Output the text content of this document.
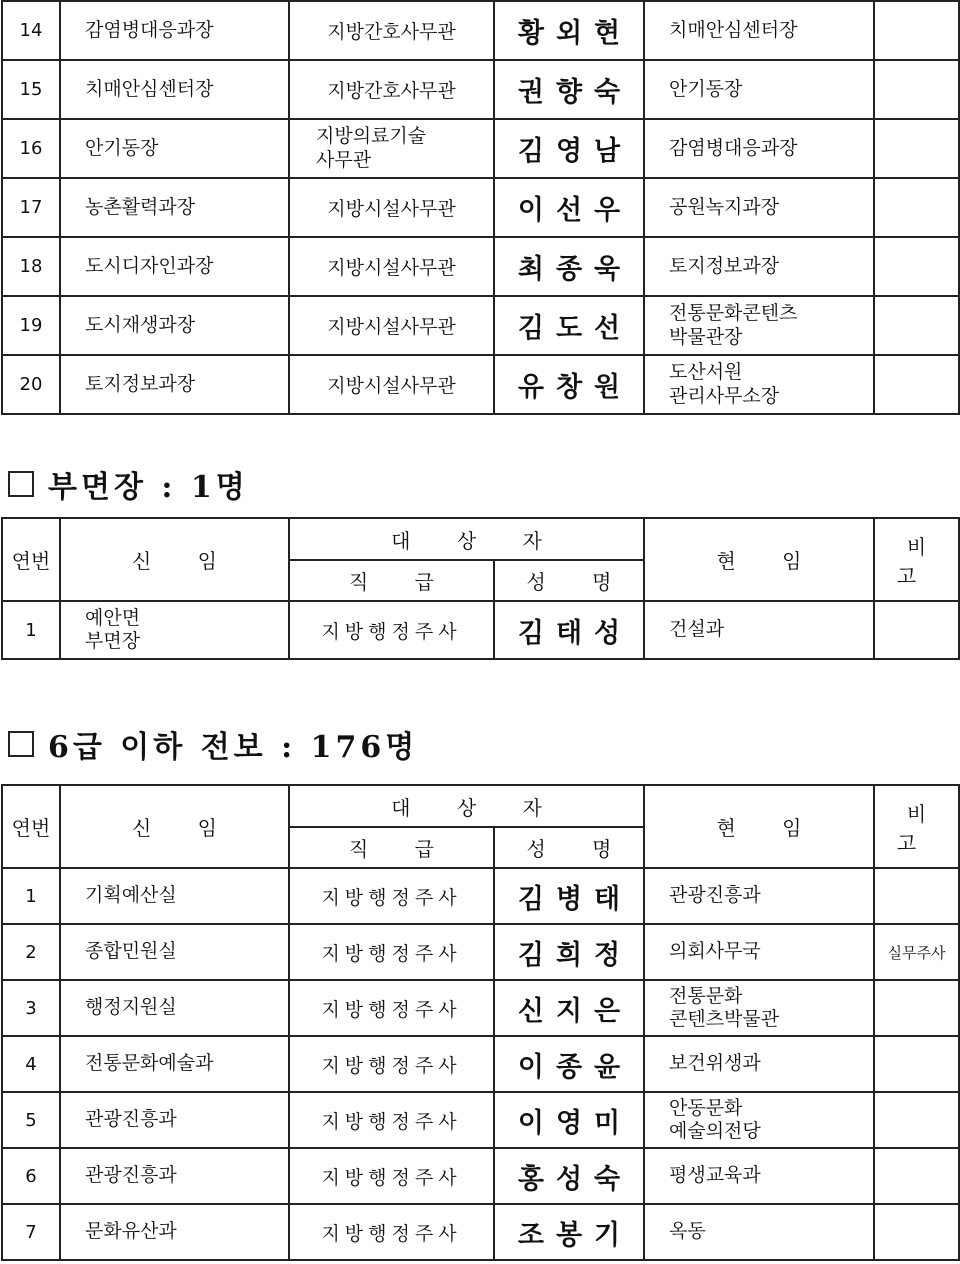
14	감염병대응과장	지방간호사무관	황외현	치매안심센터장	

15	치매안심센터장	지방간호사무관	권향숙	안기동장	

16	안기동장	지방의료기술
사무관	김영남	감염병대응과장	

17	농촌활력과장	지방시설사무관	이선우	공원녹지과장	

18	도시디자인과장	지방시설사무관	최종욱	토지정보과장	

19	도시재생과장	지방시설사무관	김도선	전통문화콘텐츠
박물관장	

20	토지정보과장	지방시설사무관	유창원	도산서원
관리사무소장	

부면장 : 1명
연번	신 임	대 상 자		현 임	비 고
		직 급	성 명		
1	예안면
부면장	지방행정주사	김태성	건설과	

6급 이하 전보 : 176명
연번	신 임	대 상 자		현 임	비 고
		직 급	성 명		
1	기획예산실	지방행정주사	김병태	관광진흥과	

2	종합민원실	지방행정주사	김희정	의회사무국	실무주사
3	행정지원실	지방행정주사	신지은	전통문화
콘텐츠박물관	

4	전통문화예술과	지방행정주사	이종윤	보건위생과	

5	관광진흥과	지방행정주사	이영미	안동문화
예술의전당	

6	관광진흥과	지방행정주사	홍성숙	평생교육과	

7	문화유산과	지방행정주사	조봉기	옥동	
